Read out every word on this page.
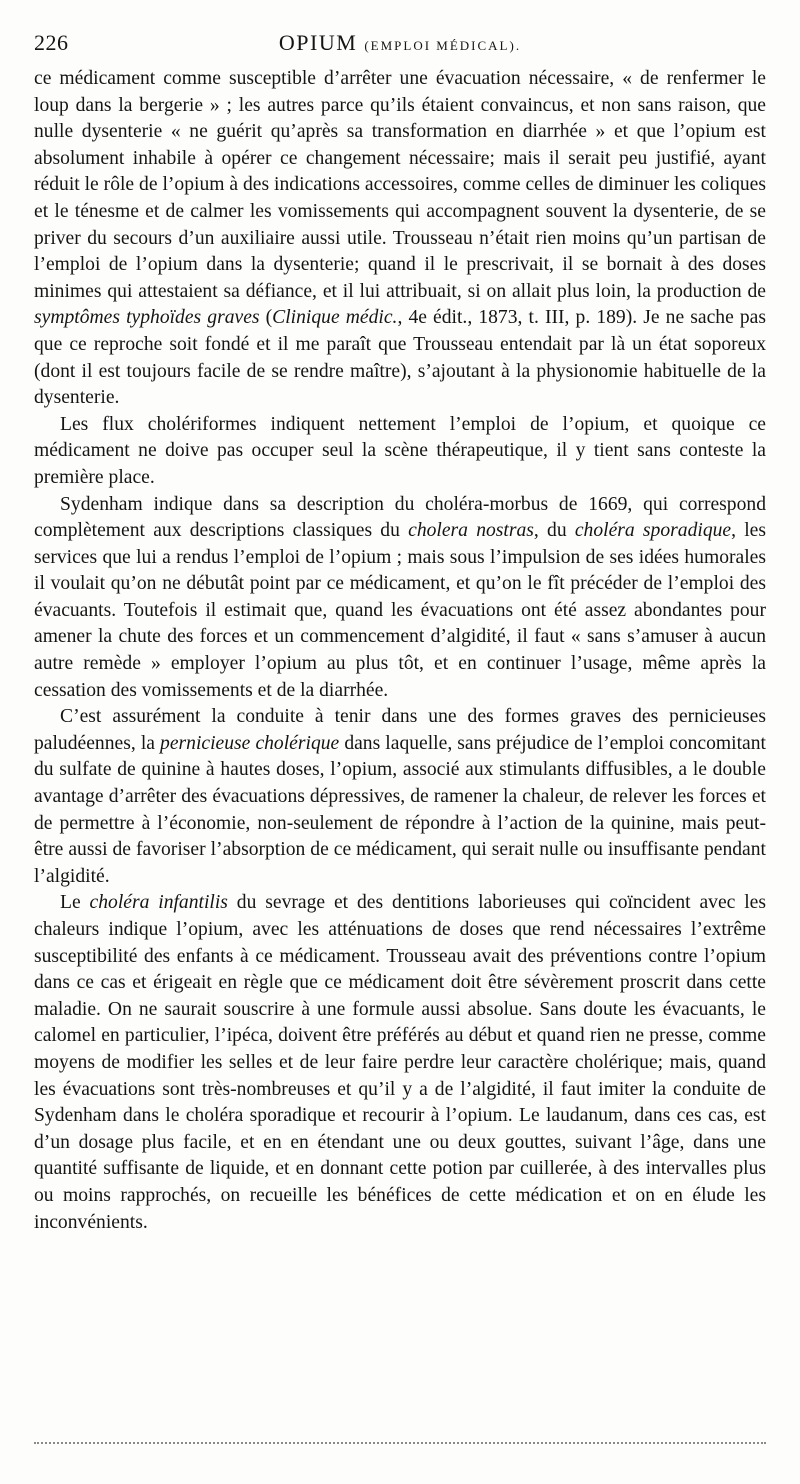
226	OPIUM (EMPLOI MÉDICAL).

ce médicament comme susceptible d’arrêter une évacuation nécessaire, « de renfermer le loup dans la bergerie » ; les autres parce qu’ils étaient convaincus, et non sans raison, que nulle dysenterie « ne guérit qu’après sa transformation en diarrhée » et que l’opium est absolument inhabile à opérer ce changement nécessaire; mais il serait peu justifié, ayant réduit le rôle de l’opium à des indications accessoires, comme celles de diminuer les coliques et le ténesme et de calmer les vomissements qui accompagnent souvent la dysenterie, de se priver du secours d’un auxiliaire aussi utile. Trousseau n’était rien moins qu’un partisan de l’emploi de l’opium dans la dysenterie; quand il le prescrivait, il se bornait à des doses minimes qui attestaient sa défiance, et il lui attribuait, si on allait plus loin, la production de symptômes typhoïdes graves (Clinique médic., 4e édit., 1873, t. III, p. 189). Je ne sache pas que ce reproche soit fondé et il me paraît que Trousseau entendait par là un état soporeux (dont il est toujours facile de se rendre maître), s’ajoutant à la physionomie habituelle de la dysenterie.

Les flux cholériformes indiquent nettement l’emploi de l’opium, et quoique ce médicament ne doive pas occuper seul la scène thérapeutique, il y tient sans conteste la première place.

Sydenham indique dans sa description du choléra-morbus de 1669, qui correspond complètement aux descriptions classiques du cholera nostras, du choléra sporadique, les services que lui a rendus l’emploi de l’opium ; mais sous l’impulsion de ses idées humorales il voulait qu’on ne débutât point par ce médicament, et qu’on le fît précéder de l’emploi des évacuants. Toutefois il estimait que, quand les évacuations ont été assez abondantes pour amener la chute des forces et un commencement d’algidité, il faut « sans s’amuser à aucun autre remède » employer l’opium au plus tôt, et en continuer l’usage, même après la cessation des vomissements et de la diarrhée.

C’est assurément la conduite à tenir dans une des formes graves des pernicieuses paludéennes, la pernicieuse cholérique dans laquelle, sans préjudice de l’emploi concomitant du sulfate de quinine à hautes doses, l’opium, associé aux stimulants diffusibles, a le double avantage d’arrêter des évacuations dépressives, de ramener la chaleur, de relever les forces et de permettre à l’économie, non-seulement de répondre à l’action de la quinine, mais peut-être aussi de favoriser l’absorption de ce médicament, qui serait nulle ou insuffisante pendant l’algidité.

Le choléra infantilis du sevrage et des dentitions laborieuses qui coïncident avec les chaleurs indique l’opium, avec les atténuations de doses que rend nécessaires l’extrême susceptibilité des enfants à ce médicament. Trousseau avait des préventions contre l’opium dans ce cas et érigeait en règle que ce médicament doit être sévèrement proscrit dans cette maladie. On ne saurait souscrire à une formule aussi absolue. Sans doute les évacuants, le calomel en particulier, l’ipéca, doivent être préférés au début et quand rien ne presse, comme moyens de modifier les selles et de leur faire perdre leur caractère cholérique; mais, quand les évacuations sont très-nombreuses et qu’il y a de l’algidité, il faut imiter la conduite de Sydenham dans le choléra sporadique et recourir à l’opium. Le laudanum, dans ces cas, est d’un dosage plus facile, et en en étendant une ou deux gouttes, suivant l’âge, dans une quantité suffisante de liquide, et en donnant cette potion par cuillerée, à des intervalles plus ou moins rapprochés, on recueille les bénéfices de cette médication et on en élude les inconvénients.
